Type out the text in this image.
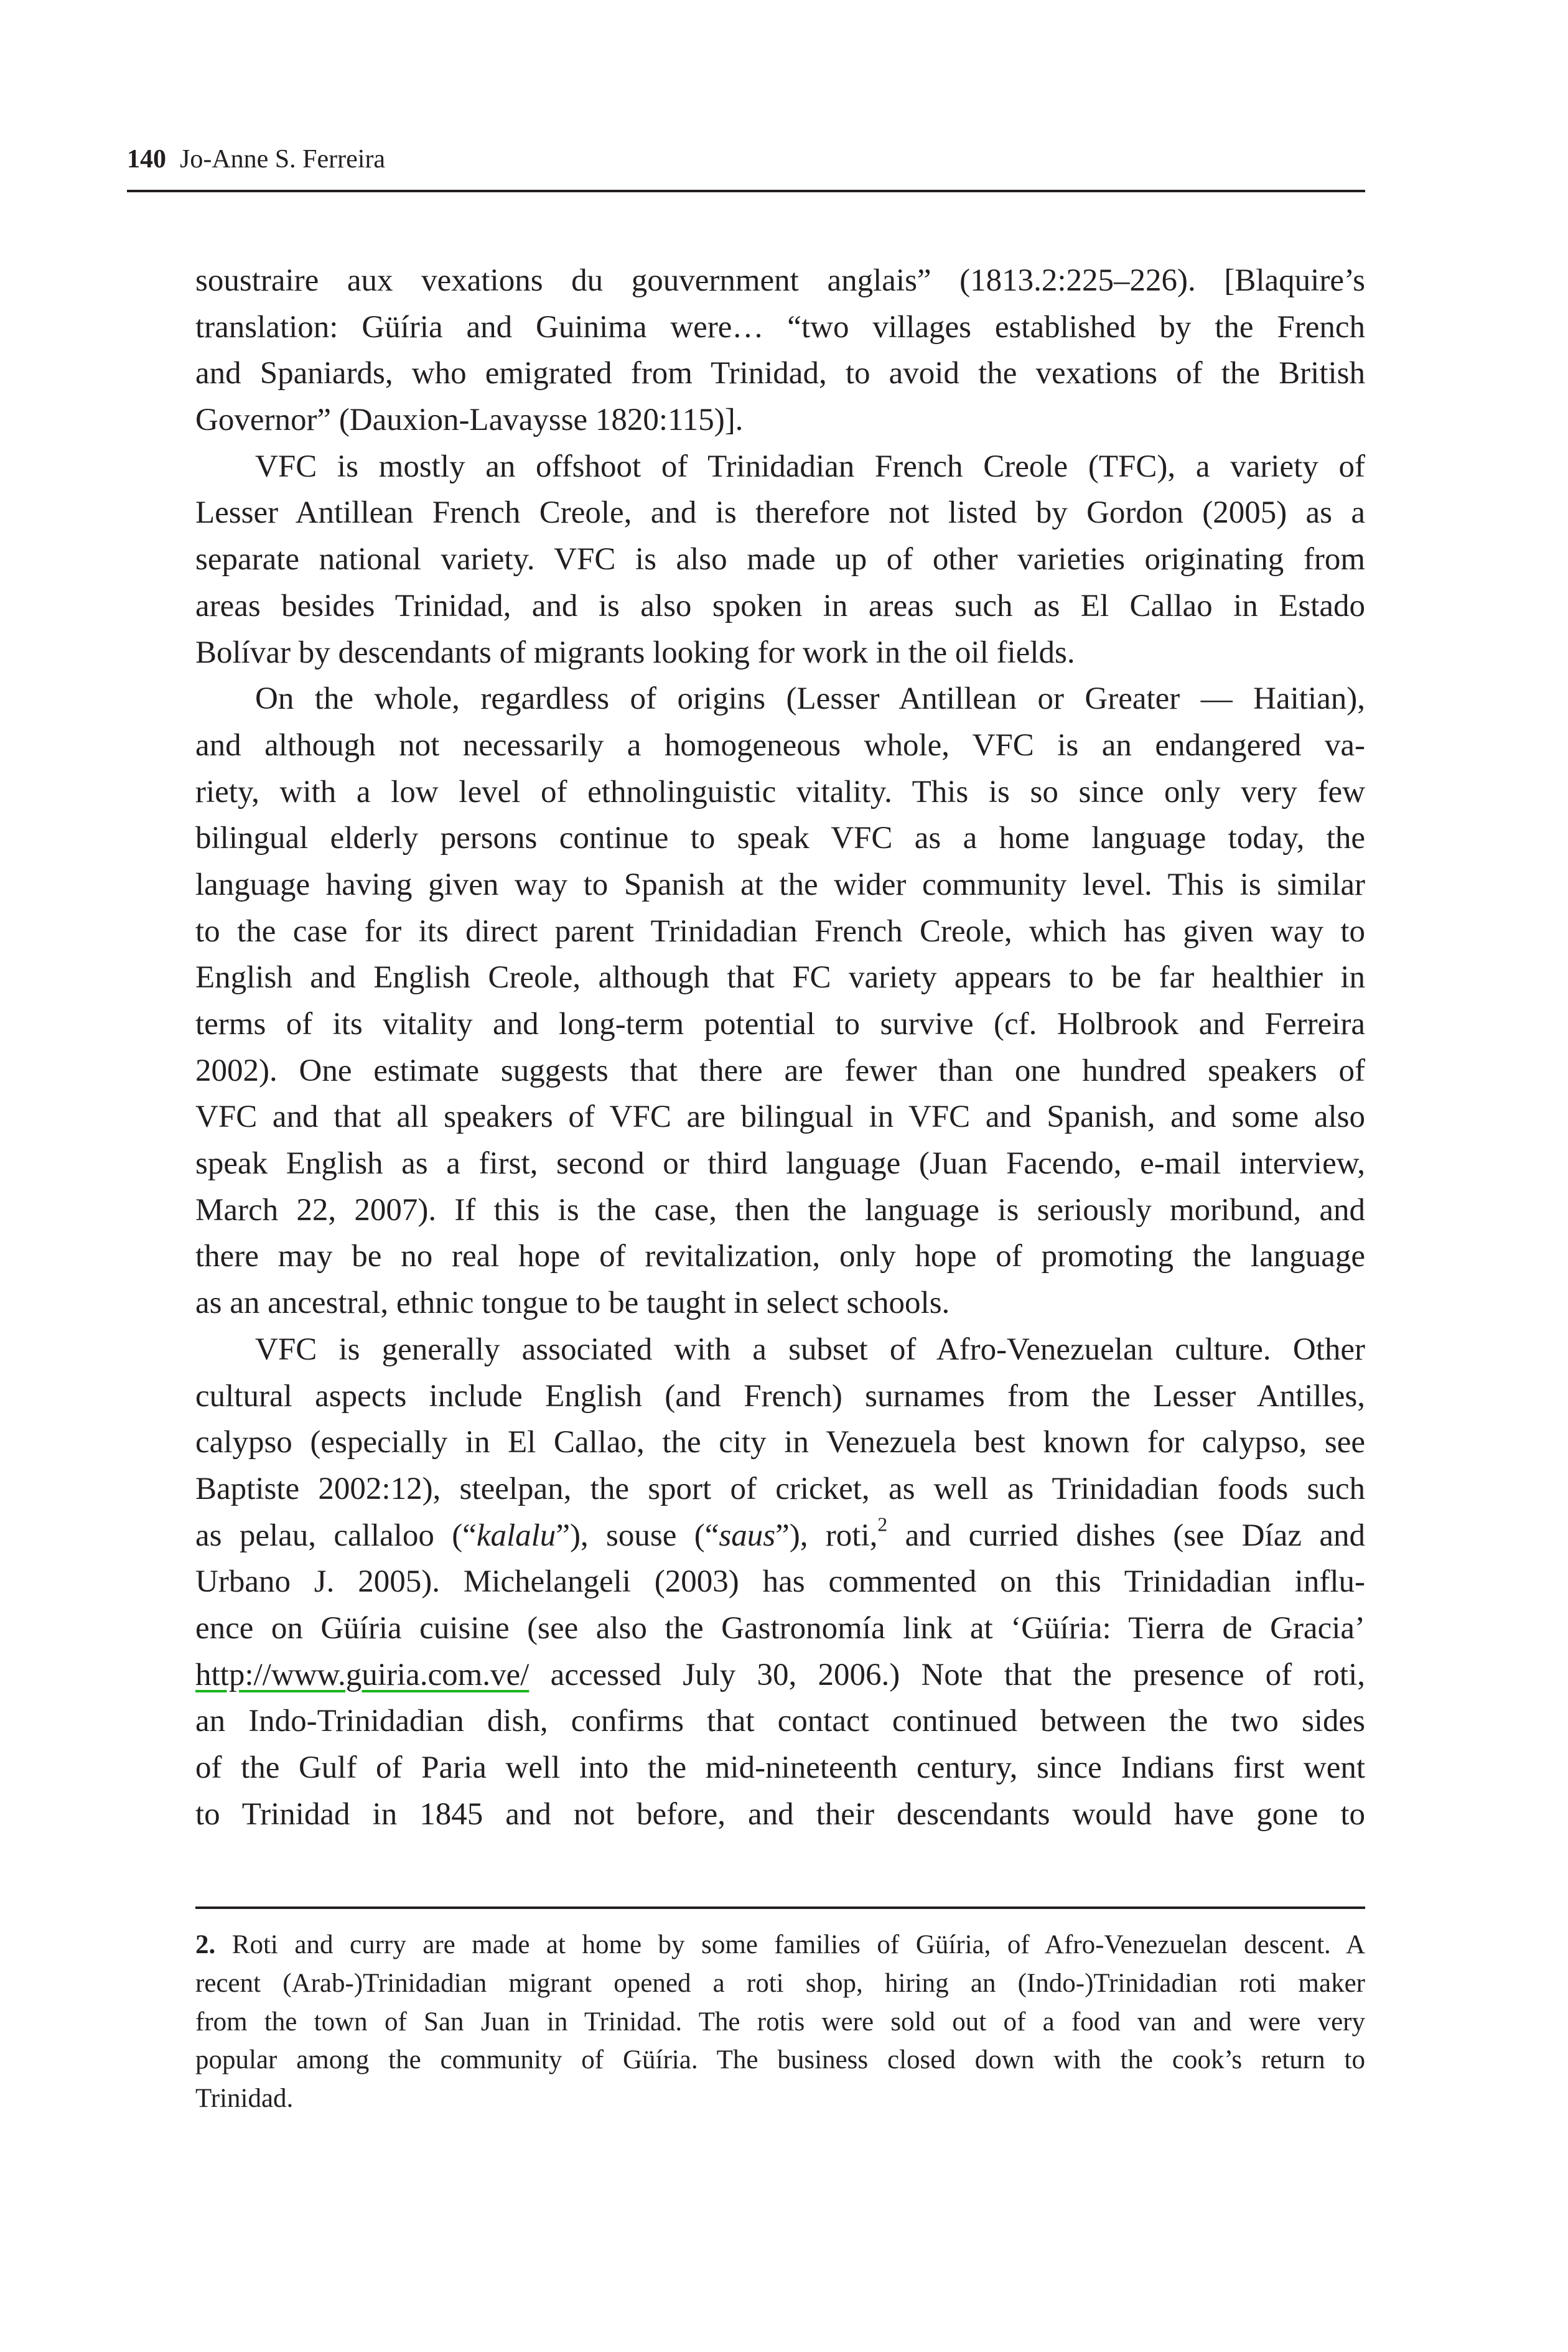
140 Jo-Anne S. Ferreira
soustraire aux vexations du gouvernment anglais” (1813.2:225–226). [Blaquire’s
translation: Güíria and Guinima were… “two villages established by the French
and Spaniards, who emigrated from Trinidad, to avoid the vexations of the British
Governor” (Dauxion-Lavaysse 1820:115)].
VFC is mostly an offshoot of Trinidadian French Creole (TFC), a variety of
Lesser Antillean French Creole, and is therefore not listed by Gordon (2005) as a
separate national variety. VFC is also made up of other varieties originating from
areas besides Trinidad, and is also spoken in areas such as El Callao in Estado
Bolívar by descendants of migrants looking for work in the oil fields.
On the whole, regardless of origins (Lesser Antillean or Greater — Haitian),
and although not necessarily a homogeneous whole, VFC is an endangered va-
riety, with a low level of ethnolinguistic vitality. This is so since only very few
bilingual elderly persons continue to speak VFC as a home language today, the
language having given way to Spanish at the wider community level. This is similar
to the case for its direct parent Trinidadian French Creole, which has given way to
English and English Creole, although that FC variety appears to be far healthier in
terms of its vitality and long-term potential to survive (cf. Holbrook and Ferreira
2002). One estimate suggests that there are fewer than one hundred speakers of
VFC and that all speakers of VFC are bilingual in VFC and Spanish, and some also
speak English as a first, second or third language (Juan Facendo, e-mail interview,
March 22, 2007). If this is the case, then the language is seriously moribund, and
there may be no real hope of revitalization, only hope of promoting the language
as an ancestral, ethnic tongue to be taught in select schools.
VFC is generally associated with a subset of Afro-Venezuelan culture. Other
cultural aspects include English (and French) surnames from the Lesser Antilles,
calypso (especially in El Callao, the city in Venezuela best known for calypso, see
Baptiste 2002:12), steelpan, the sport of cricket, as well as Trinidadian foods such
as pelau, callaloo (“kalalu”), souse (“saus”), roti,$^2$ and curried dishes (see Díaz and
Urbano J. 2005). Michelangeli (2003) has commented on this Trinidadian influ-
ence on Güíria cuisine (see also the Gastronomía link at ‘Güíria: Tierra de Gracia’
http://www.guiria.com.ve/ accessed July 30, 2006.) Note that the presence of roti,
an Indo-Trinidadian dish, confirms that contact continued between the two sides
of the Gulf of Paria well into the mid-nineteenth century, since Indians first went
to Trinidad in 1845 and not before, and their descendants would have gone to
2. Roti and curry are made at home by some families of Güíria, of Afro-Venezuelan descent. A
recent (Arab-)Trinidadian migrant opened a roti shop, hiring an (Indo-)Trinidadian roti maker
from the town of San Juan in Trinidad. The rotis were sold out of a food van and were very
popular among the community of Güíria. The business closed down with the cook’s return to
Trinidad.
